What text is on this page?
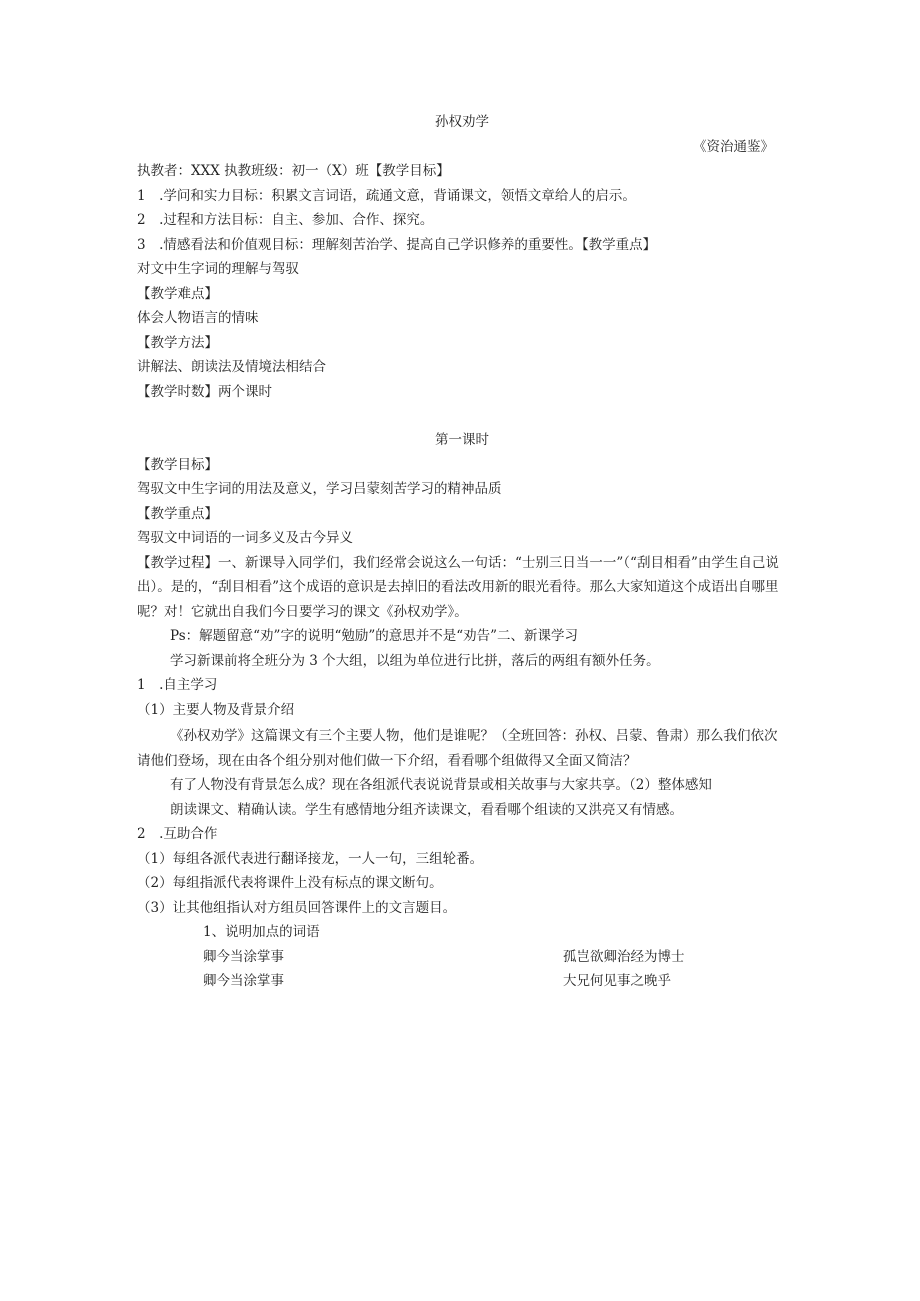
孙权劝学
《资治通鉴》
执教者：XXX 执教班级：初一（X）班【教学目标】
1　.学问和实力目标：积累文言词语，疏通文意，背诵课文，领悟文章给人的启示。
2　.过程和方法目标：自主、参加、合作、探究。
3　.情感看法和价值观目标：理解刻苦治学、提高自己学识修养的重要性。【教学重点】
对文中生字词的理解与驾驭
【教学难点】
体会人物语言的情味
【教学方法】
讲解法、朗读法及情境法相结合
【教学时数】两个课时
第一课时
【教学目标】
驾驭文中生字词的用法及意义，学习吕蒙刻苦学习的精神品质
【教学重点】
驾驭文中词语的一词多义及古今异义
【教学过程】一、新课导入同学们，我们经常会说这么一句话：“士别三日当一一”（“刮目相看”由学生自己说出）。是的，“刮目相看”这个成语的意识是去掉旧的看法改用新的眼光看待。那么大家知道这个成语出自哪里呢？对！它就出自我们今日要学习的课文《孙权劝学》。
Ps：解题留意“劝”字的说明“勉励”的意思并不是“劝告”二、新课学习
学习新课前将全班分为 3 个大组，以组为单位进行比拼，落后的两组有额外任务。
1　.自主学习
（1）主要人物及背景介绍
《孙权劝学》这篇课文有三个主要人物，他们是谁呢？（全班回答：孙权、吕蒙、鲁肃）那么我们依次请他们登场，现在由各个组分别对他们做一下介绍，看看哪个组做得又全面又简洁？
有了人物没有背景怎么成？现在各组派代表说说背景或相关故事与大家共享。（2）整体感知
朗读课文、精确认读。学生有感情地分组齐读课文，看看哪个组读的又洪亮又有情感。
2　.互助合作
（1）每组各派代表进行翻译接龙，一人一句，三组轮番。
（2）每组指派代表将课件上没有标点的课文断句。
（3）让其他组指认对方组员回答课件上的文言题目。
1、说明加点的词语
卿今当涂掌事	孤岂欲卿治经为博士
卿今当涂掌事	大兄何见事之晚乎
